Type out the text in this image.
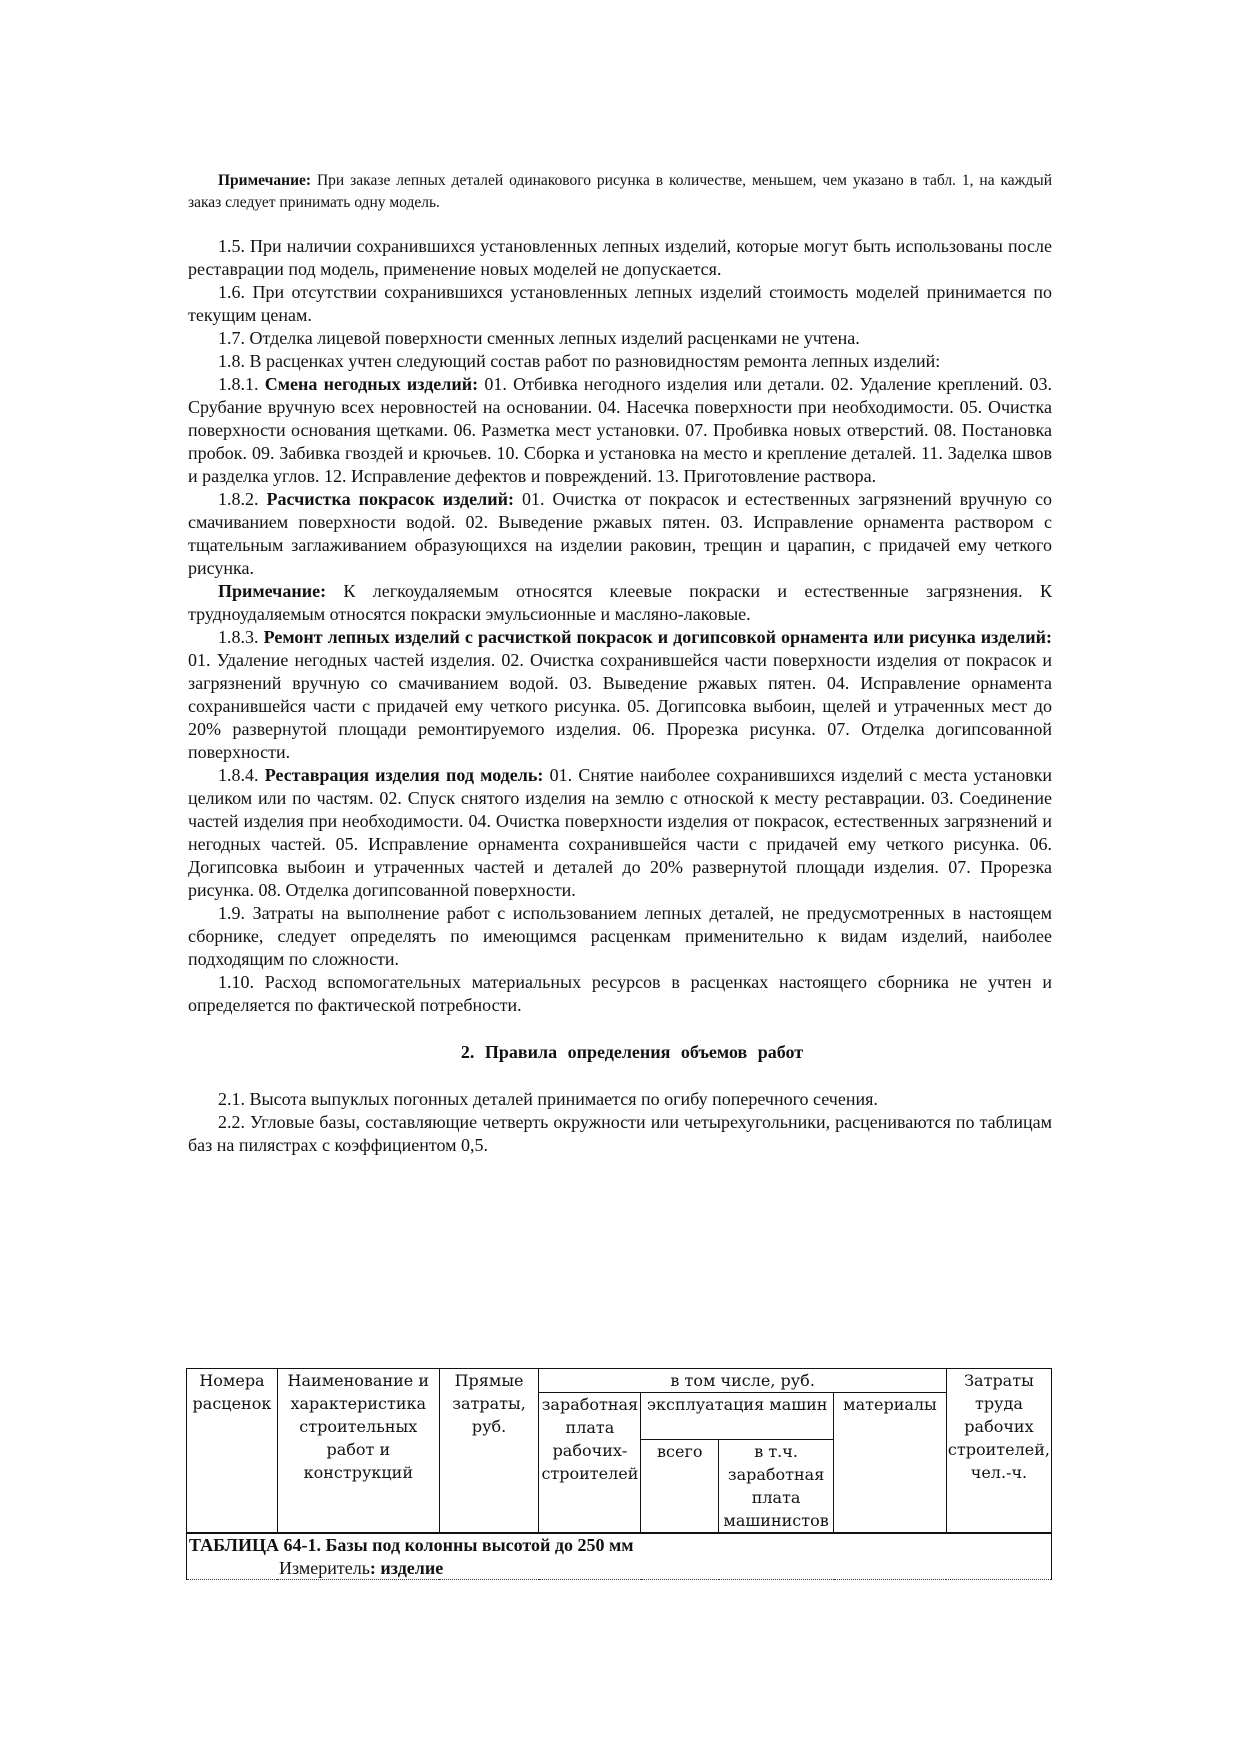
Примечание: При заказе лепных деталей одинакового рисунка в количестве, меньшем, чем указано в табл. 1, на каждый заказ следует принимать одну модель.

1.5. При наличии сохранившихся установленных лепных изделий, которые могут быть использованы после реставрации под модель, применение новых моделей не допускается.

1.6. При отсутствии сохранившихся установленных лепных изделий стоимость моделей принимается по текущим ценам.

1.7. Отделка лицевой поверхности сменных лепных изделий расценками не учтена.

1.8. В расценках учтен следующий состав работ по разновидностям ремонта лепных изделий:

1.8.1. Смена негодных изделий: 01. Отбивка негодного изделия или детали. 02. Удаление креплений. 03. Срубание вручную всех неровностей на основании. 04. Насечка поверхности при необходимости. 05. Очистка поверхности основания щетками. 06. Разметка мест установки. 07. Пробивка новых отверстий. 08. Постановка пробок. 09. Забивка гвоздей и крючьев. 10. Сборка и установка на место и крепление деталей. 11. Заделка швов и разделка углов. 12. Исправление дефектов и повреждений. 13. Приготовление раствора.

1.8.2. Расчистка покрасок изделий: 01. Очистка от покрасок и естественных загрязнений вручную со смачиванием поверхности водой. 02. Выведение ржавых пятен. 03. Исправление орнамента раствором с тщательным заглаживанием образующихся на изделии раковин, трещин и царапин, с придачей ему четкого рисунка.

Примечание: К легкоудаляемым относятся клеевые покраски и естественные загрязнения. К трудноудаляемым относятся покраски эмульсионные и масляно-лаковые.

1.8.3. Ремонт лепных изделий с расчисткой покрасок и догипсовкой орнамента или рисунка изделий: 01. Удаление негодных частей изделия. 02. Очистка сохранившейся части поверхности изделия от покрасок и загрязнений вручную со смачиванием водой. 03. Выведение ржавых пятен. 04. Исправление орнамента сохранившейся части с придачей ему четкого рисунка. 05. Догипсовка выбоин, щелей и утраченных мест до 20% развернутой площади ремонтируемого изделия. 06. Прорезка рисунка. 07. Отделка догипсованной поверхности.

1.8.4. Реставрация изделия под модель: 01. Снятие наиболее сохранившихся изделий с места установки целиком или по частям. 02. Спуск снятого изделия на землю с отноской к месту реставрации. 03. Соединение частей изделия при необходимости. 04. Очистка поверхности изделия от покрасок, естественных загрязнений и негодных частей. 05. Исправление орнамента сохранившейся части с придачей ему четкого рисунка. 06. Догипсовка выбоин и утраченных частей и деталей до 20% развернутой площади изделия. 07. Прорезка рисунка. 08. Отделка догипсованной поверхности.

1.9. Затраты на выполнение работ с использованием лепных деталей, не предусмотренных в настоящем сборнике, следует определять по имеющимся расценкам применительно к видам изделий, наиболее подходящим по сложности.

1.10. Расход вспомогательных материальных ресурсов в расценках настоящего сборника не учтен и определяется по фактической потребности.

2. Правила определения объемов работ

2.1. Высота выпуклых погонных деталей принимается по огибу поперечного сечения.

2.2. Угловые базы, составляющие четверть окружности или четырехугольники, расцениваются по таблицам баз на пилястрах с коэффициентом 0,5.

Номера расценок	Наименование и характеристика строительных работ и конструкций	Прямые затраты, руб.	в том числе, руб.				Затраты труда рабочих строителей, чел.-ч.
			заработная плата рабочих-строителей	эксплуатация машин		материалы	
				всего	в т.ч. заработная плата машинистов		
ТАБЛИЦА 64-1. Базы под колонны высотой до 250 мм							
Измеритель: изделие							
